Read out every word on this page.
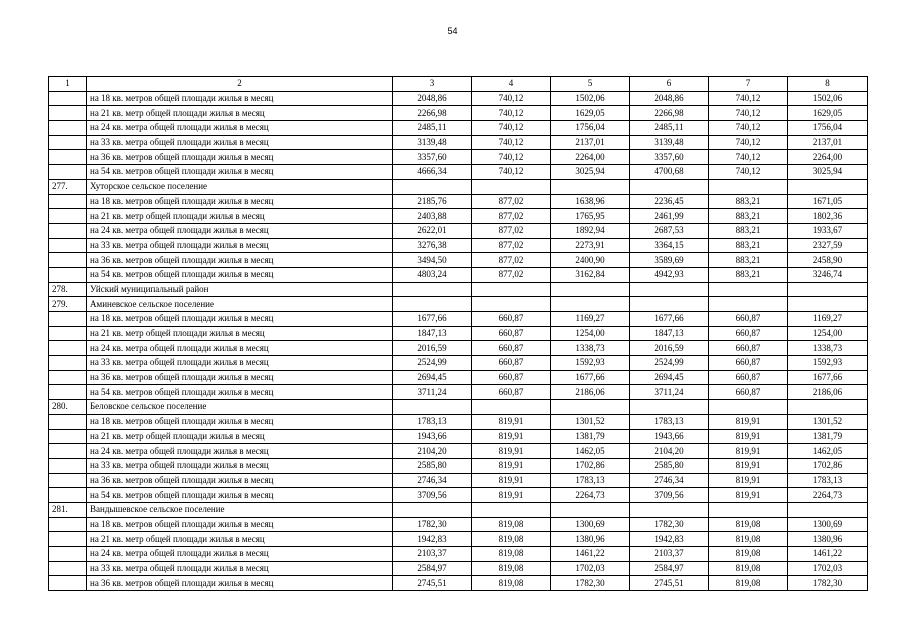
54
1	2	3	4	5	6	7	8
	на 18 кв. метров общей площади жилья в месяц	2048,86	740,12	1502,06	2048,86	740,12	1502,06
	на 21 кв. метр общей площади жилья в месяц	2266,98	740,12	1629,05	2266,98	740,12	1629,05
	на 24 кв. метра общей площади жилья в месяц	2485,11	740,12	1756,04	2485,11	740,12	1756,04
	на 33 кв. метра общей площади жилья в месяц	3139,48	740,12	2137,01	3139,48	740,12	2137,01
	на 36 кв. метров общей площади жилья в месяц	3357,60	740,12	2264,00	3357,60	740,12	2264,00
	на 54 кв. метров общей площади жилья в месяц	4666,34	740,12	3025,94	4700,68	740,12	3025,94
277.	Хуторское сельское поселение						
	на 18 кв. метров общей площади жилья в месяц	2185,76	877,02	1638,96	2236,45	883,21	1671,05
	на 21 кв. метр общей площади жилья в месяц	2403,88	877,02	1765,95	2461,99	883,21	1802,36
	на 24 кв. метра общей площади жилья в месяц	2622,01	877,02	1892,94	2687,53	883,21	1933,67
	на 33 кв. метра общей площади жилья в месяц	3276,38	877,02	2273,91	3364,15	883,21	2327,59
	на 36 кв. метров общей площади жилья в месяц	3494,50	877,02	2400,90	3589,69	883,21	2458,90
	на 54 кв. метров общей площади жилья в месяц	4803,24	877,02	3162,84	4942,93	883,21	3246,74
278.	Уйский муниципальный район						
279.	Аминевское сельское поселение						
	на 18 кв. метров общей площади жилья в месяц	1677,66	660,87	1169,27	1677,66	660,87	1169,27
	на 21 кв. метр общей площади жилья в месяц	1847,13	660,87	1254,00	1847,13	660,87	1254,00
	на 24 кв. метра общей площади жилья в месяц	2016,59	660,87	1338,73	2016,59	660,87	1338,73
	на 33 кв. метра общей площади жилья в месяц	2524,99	660,87	1592,93	2524,99	660,87	1592,93
	на 36 кв. метров общей площади жилья в месяц	2694,45	660,87	1677,66	2694,45	660,87	1677,66
	на 54 кв. метров общей площади жилья в месяц	3711,24	660,87	2186,06	3711,24	660,87	2186,06
280.	Беловское сельское поселение						
	на 18 кв. метров общей площади жилья в месяц	1783,13	819,91	1301,52	1783,13	819,91	1301,52
	на 21 кв. метр общей площади жилья в месяц	1943,66	819,91	1381,79	1943,66	819,91	1381,79
	на 24 кв. метра общей площади жилья в месяц	2104,20	819,91	1462,05	2104,20	819,91	1462,05
	на 33 кв. метра общей площади жилья в месяц	2585,80	819,91	1702,86	2585,80	819,91	1702,86
	на 36 кв. метров общей площади жилья в месяц	2746,34	819,91	1783,13	2746,34	819,91	1783,13
	на 54 кв. метров общей площади жилья в месяц	3709,56	819,91	2264,73	3709,56	819,91	2264,73
281.	Вандышевское сельское поселение						
	на 18 кв. метров общей площади жилья в месяц	1782,30	819,08	1300,69	1782,30	819,08	1300,69
	на 21 кв. метр общей площади жилья в месяц	1942,83	819,08	1380,96	1942,83	819,08	1380,96
	на 24 кв. метра общей площади жилья в месяц	2103,37	819,08	1461,22	2103,37	819,08	1461,22
	на 33 кв. метра общей площади жилья в месяц	2584,97	819,08	1702,03	2584,97	819,08	1702,03
	на 36 кв. метров общей площади жилья в месяц	2745,51	819,08	1782,30	2745,51	819,08	1782,30
